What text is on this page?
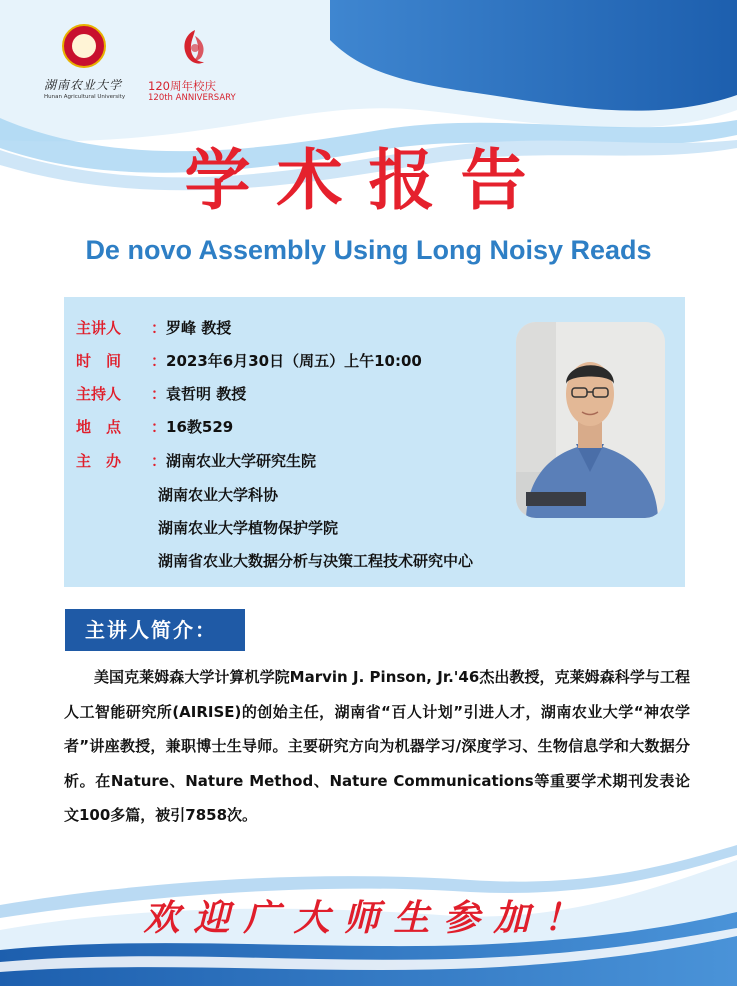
湖南农业大学
Hunan Agricultural University
120周年校庆
120th ANNIVERSARY
学术报告
De novo Assembly Using Long Noisy Reads
主讲人 ：罗峰 教授
时　间 ：2023年6月30日（周五）上午10:00
主持人 ：袁哲明 教授
地　点 ：16教529
主　办 ：湖南农业大学研究生院
湖南农业大学科协
湖南农业大学植物保护学院
湖南省农业大数据分析与决策工程技术研究中心
主讲人简介：
美国克莱姆森大学计算机学院Marvin J. Pinson, Jr.'46杰出教授，克莱姆森科学与工程人工智能研究所(AIRISE)的创始主任，湖南省“百人计划”引进人才，湖南农业大学“神农学者”讲座教授，兼职博士生导师。主要研究方向为机器学习/深度学习、生物信息学和大数据分析。在Nature、Nature Method、Nature Communications等重要学术期刊发表论文100多篇，被引7858次。
欢迎广大师生参加！
